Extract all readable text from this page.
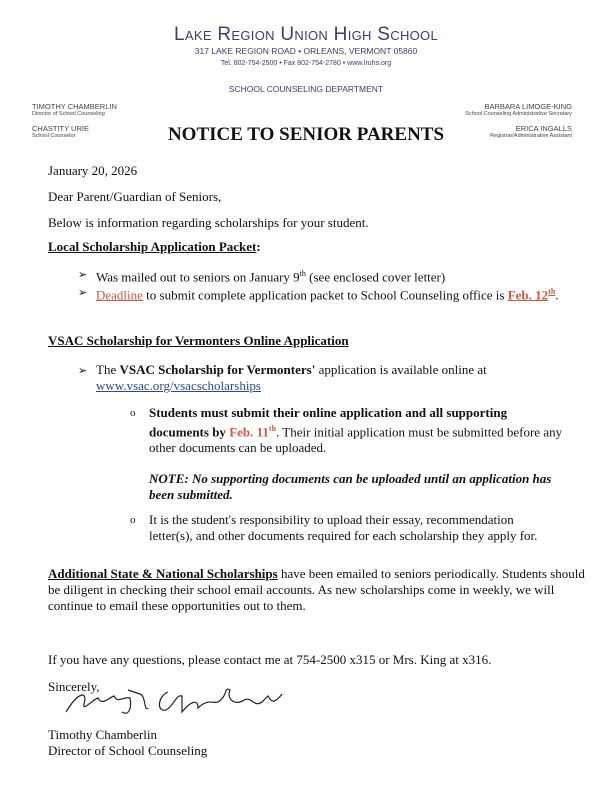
Lake Region Union High School
317 LAKE REGION ROAD • ORLEANS, VERMONT 05860
Tel. 802-754-2500 • Fax 802-754-2780 • www.lruhs.org
SCHOOL COUNSELING DEPARTMENT
TIMOTHY CHAMBERLIN
Director of School Counseling
CHASTITY URIE
School Counselor
BARBARA LIMOGE-KING
School Counseling Administrative Secretary
ERICA INGALLS
Registrar/Administrative Assistant
NOTICE TO SENIOR PARENTS
January 20, 2026
Dear Parent/Guardian of Seniors,
Below is information regarding scholarships for your student.
Local Scholarship Application Packet:
➢ Was mailed out to seniors on January 9th (see enclosed cover letter)
➢ Deadline to submit complete application packet to School Counseling office is Feb. 12th.
VSAC Scholarship for Vermonters Online Application
➢ The VSAC Scholarship for Vermonters' application is available online at
www.vsac.org/vsacscholarships
o Students must submit their online application and all supporting documents by Feb. 11th. Their initial application must be submitted before any other documents can be uploaded.
NOTE: No supporting documents can be uploaded until an application has been submitted.
o It is the student's responsibility to upload their essay, recommendation letter(s), and other documents required for each scholarship they apply for.
Additional State & National Scholarships have been emailed to seniors periodically. Students should be diligent in checking their school email accounts. As new scholarships come in weekly, we will continue to email these opportunities out to them.
If you have any questions, please contact me at 754-2500 x315 or Mrs. King at x316.
Sincerely,
Timothy Chamberlin
Director of School Counseling
